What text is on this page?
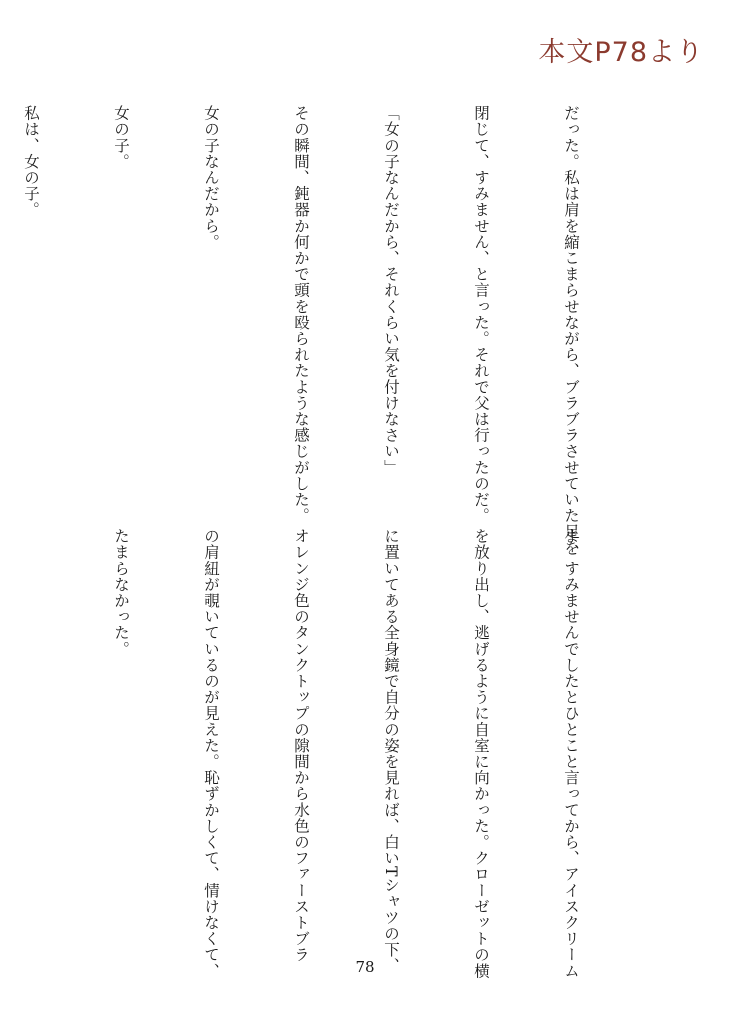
本文P78より

だった。私は肩を縮こまらせながら、ブラブラさせていた足を

閉じて、すみません、と言った。それで父は行ったのだ。

「女の子なんだから、それくらい気を付けなさい」

その瞬間、鈍器か何かで頭を殴られたような感じがした。

女の子なんだから。

女の子。

私は、女の子。

ま、すみませんでしたとひとこと言ってから、アイスクリーム

を放り出し、逃げるように自室に向かった。クローゼットの横

に置いてある全身鏡で自分の姿を見れば、白いTシャツの下、

オレンジ色のタンクトップの隙間から水色のファーストブラ

の肩紐が覗いているのが見えた。恥ずかしくて、情けなくて、

たまらなかった。

78
